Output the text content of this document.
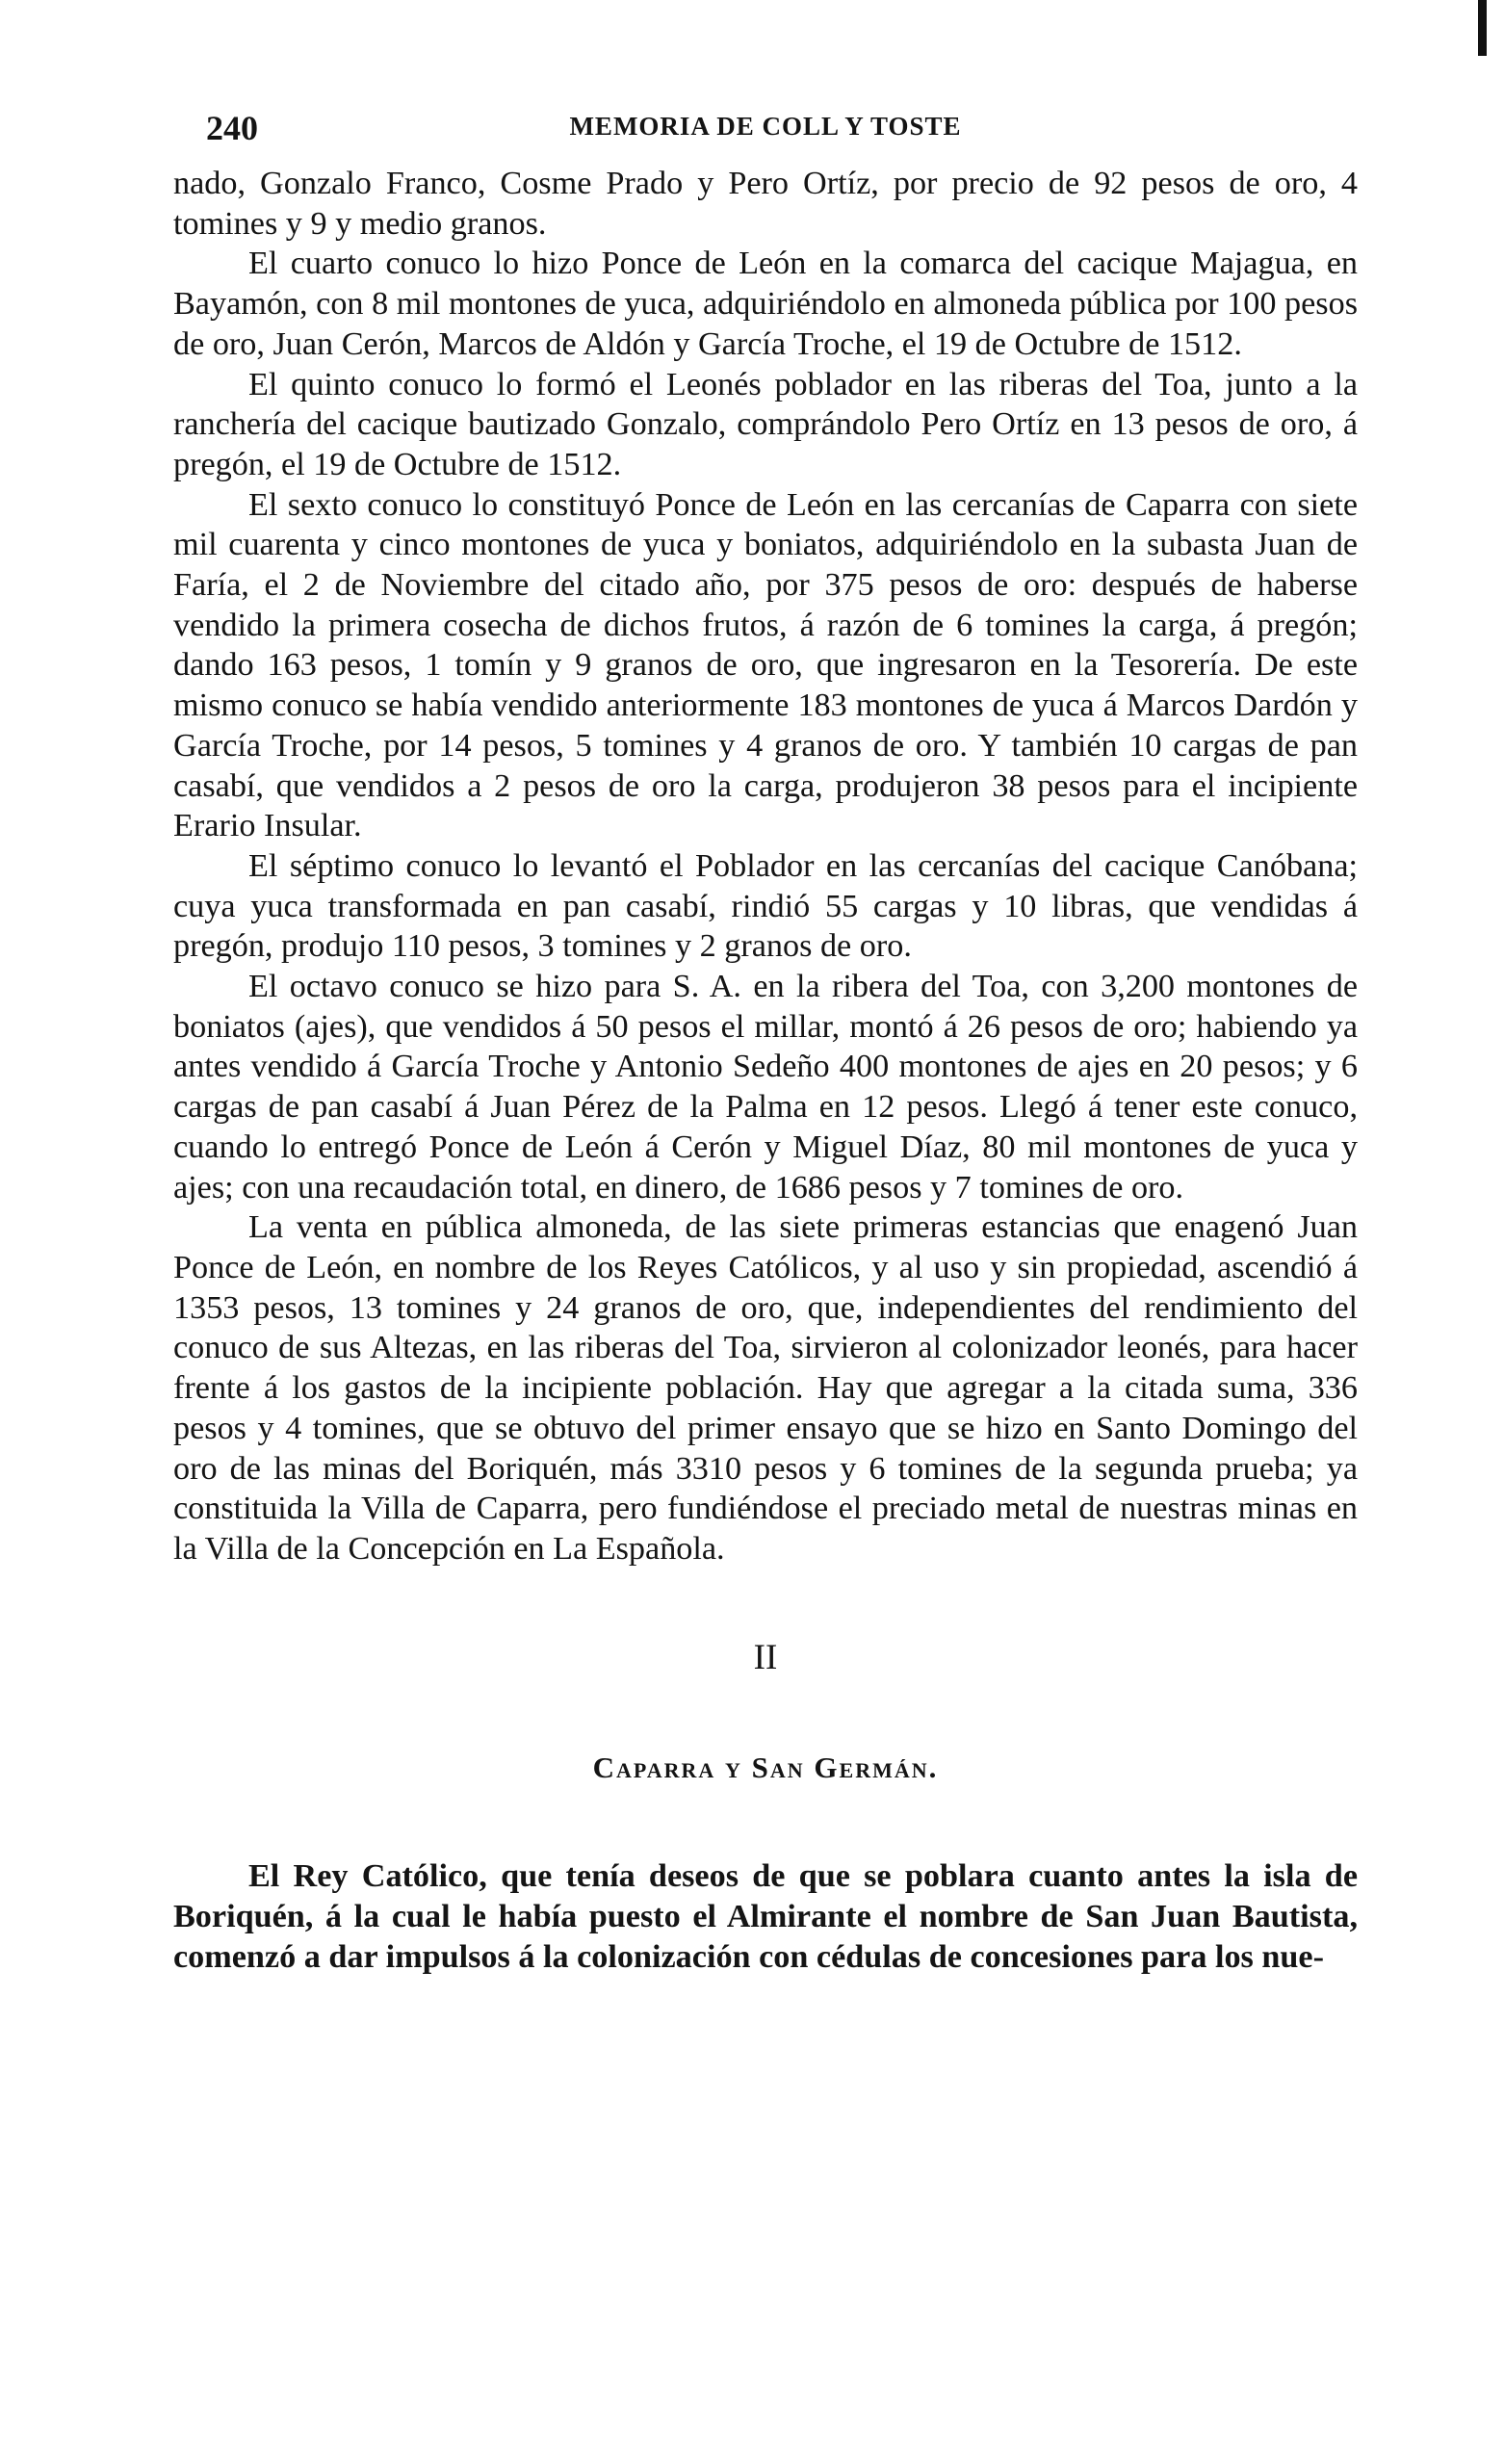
240	MEMORIA DE COLL Y TOSTE

nado, Gonzalo Franco, Cosme Prado y Pero Ortíz, por precio de 92 pesos de oro, 4 tomines y 9 y medio granos.

El cuarto conuco lo hizo Ponce de León en la comarca del cacique Majagua, en Bayamón, con 8 mil montones de yuca, adquiriéndolo en almoneda pública por 100 pesos de oro, Juan Cerón, Marcos de Aldón y García Troche, el 19 de Octubre de 1512.

El quinto conuco lo formó el Leonés poblador en las riberas del Toa, junto a la ranchería del cacique bautizado Gonzalo, comprándolo Pero Ortíz en 13 pesos de oro, á pregón, el 19 de Octubre de 1512.

El sexto conuco lo constituyó Ponce de León en las cercanías de Caparra con siete mil cuarenta y cinco montones de yuca y boniatos, adquiriéndolo en la subasta Juan de Faría, el 2 de Noviembre del citado año, por 375 pesos de oro: después de haberse vendido la primera cosecha de dichos frutos, á razón de 6 tomines la carga, á pregón; dando 163 pesos, 1 tomín y 9 granos de oro, que ingresaron en la Tesorería. De este mismo conuco se había vendido anteriormente 183 montones de yuca á Marcos Dardón y García Troche, por 14 pesos, 5 tomines y 4 granos de oro. Y también 10 cargas de pan casabí, que vendidos a 2 pesos de oro la carga, produjeron 38 pesos para el incipiente Erario Insular.

El séptimo conuco lo levantó el Poblador en las cercanías del cacique Canóbana; cuya yuca transformada en pan casabí, rindió 55 cargas y 10 libras, que vendidas á pregón, produjo 110 pesos, 3 tomines y 2 granos de oro.

El octavo conuco se hizo para S. A. en la ribera del Toa, con 3,200 montones de boniatos (ajes), que vendidos á 50 pesos el millar, montó á 26 pesos de oro; habiendo ya antes vendido á García Troche y Antonio Sedeño 400 montones de ajes en 20 pesos; y 6 cargas de pan casabí á Juan Pérez de la Palma en 12 pesos. Llegó á tener este conuco, cuando lo entregó Ponce de León á Cerón y Miguel Díaz, 80 mil montones de yuca y ajes; con una recaudación total, en dinero, de 1686 pesos y 7 tomines de oro.

La venta en pública almoneda, de las siete primeras estancias que enagenó Juan Ponce de León, en nombre de los Reyes Católicos, y al uso y sin propiedad, ascendió á 1353 pesos, 13 tomines y 24 granos de oro, que, independientes del rendimiento del conuco de sus Altezas, en las riberas del Toa, sirvieron al colonizador leonés, para hacer frente á los gastos de la incipiente población. Hay que agregar a la citada suma, 336 pesos y 4 tomines, que se obtuvo del primer ensayo que se hizo en Santo Domingo del oro de las minas del Boriquén, más 3310 pesos y 6 tomines de la segunda prueba; ya constituida la Villa de Caparra, pero fundiéndose el preciado metal de nuestras minas en la Villa de la Concepción en La Española.

II
Caparra y San Germán.

El Rey Católico, que tenía deseos de que se poblara cuanto antes la isla de Boriquén, á la cual le había puesto el Almirante el nombre de San Juan Bautista, comenzó a dar impulsos á la colonización con cédulas de concesiones para los nue-
